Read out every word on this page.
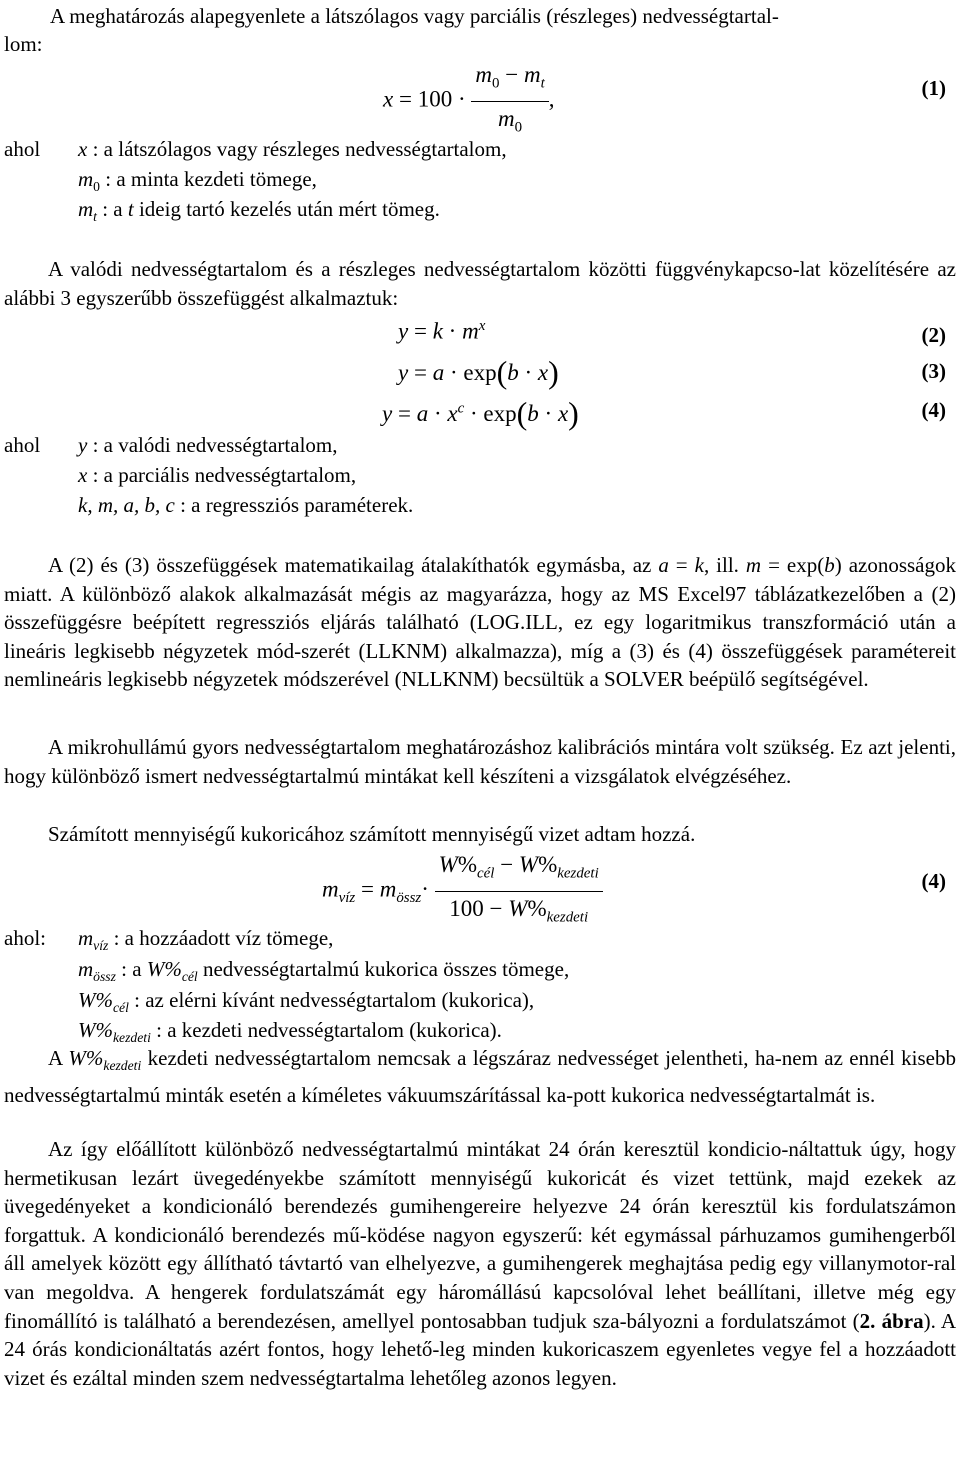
A meghatározás alapegyenlete a látszólagos vagy parciális (részleges) nedvességtartal-

lom:

$x = 100 \cdot \frac{m_0 - m_t}{m_0}$ ,	(1)
ahol x : a látszólagos vagy részleges nedvességtartalom,
$m_0$ : a minta kezdeti tömege,
$m_t$ : a t ideig tartó kezelés után mért tömeg.

A valódi nedvességtartalom és a részleges nedvességtartalom közötti függvénykapcso-lat közelítésére az alábbi 3 egyszerűbb összefüggést alkalmaztuk:

$y = k \cdot m^x$	(2)
y = a · exp(b · x)	(3)
$y = a \cdot x^c \cdot \exp(b \cdot x)$	(4)
ahol y : a valódi nedvességtartalom,
x : a parciális nedvességtartalom,
k, m, a, b, c : a regressziós paraméterek.

A (2) és (3) összefüggések matematikailag átalakíthatók egymásba, az a = k, ill. m = exp(b) azonosságok miatt. A különböző alakok alkalmazását mégis az magyarázza, hogy az MS Excel97 táblázatkezelőben a (2) összefüggésre beépített regressziós eljárás található (LOG.ILL, ez egy logaritmikus transzformáció után a lineáris legkisebb négyzetek mód-szerét (LLKNM) alkalmazza), míg a (3) és (4) összefüggések paramétereit nemlineáris legkisebb négyzetek módszerével (NLLKNM) becsültük a SOLVER beépülő segítségével.

A mikrohullámú gyors nedvességtartalom meghatározáshoz kalibrációs mintára volt szükség. Ez azt jelenti, hogy különböző ismert nedvességtartalmú mintákat kell készíteni a vizsgálatok elvégzéséhez.

Számított mennyiségű kukoricához számított mennyiségű vizet adtam hozzá.

$m_{víz} = m_{össz}\cdot \frac{W\%_{cél} - W\%_{kezdeti}}{100 - W\%_{kezdeti}}$	(4)
ahol: $m_{víz}$ : a hozzáadott víz tömege,
$m_{össz}$ : a $W\%_{cél}$ nedvességtartalmú kukorica összes tömege,
$W\%_{cél}$ : az elérni kívánt nedvességtartalom (kukorica),
$W\%_{kezdeti}$ : a kezdeti nedvességtartalom (kukorica).

A $W\%_{kezdeti}$ kezdeti nedvességtartalom nemcsak a légszáraz nedvességet jelentheti, ha-nem az ennél kisebb nedvességtartalmú minták esetén a kíméletes vákuumszárítással ka-pott kukorica nedvességtartalmát is.

Az így előállított különböző nedvességtartalmú mintákat 24 órán keresztül kondicio-náltattuk úgy, hogy hermetikusan lezárt üvegedényekbe számított mennyiségű kukoricát és vizet tettünk, majd ezekek az üvegedényeket a kondicionáló berendezés gumihengereire helyezve 24 órán keresztül kis fordulatszámon forgattuk. A kondicionáló berendezés mű-ködése nagyon egyszerű: két egymással párhuzamos gumihengerből áll amelyek között egy állítható távtartó van elhelyezve, a gumihengerek meghajtása pedig egy villanymotor-ral van megoldva. A hengerek fordulatszámát egy háromállású kapcsolóval lehet beállítani, illetve még egy finomállító is található a berendezésen, amellyel pontosabban tudjuk sza-bályozni a fordulatszámot (2. ábra). A 24 órás kondicionáltatás azért fontos, hogy lehető-leg minden kukoricaszem egyenletes vegye fel a hozzáadott vizet és ezáltal minden szem nedvességtartalma lehetőleg azonos legyen.
